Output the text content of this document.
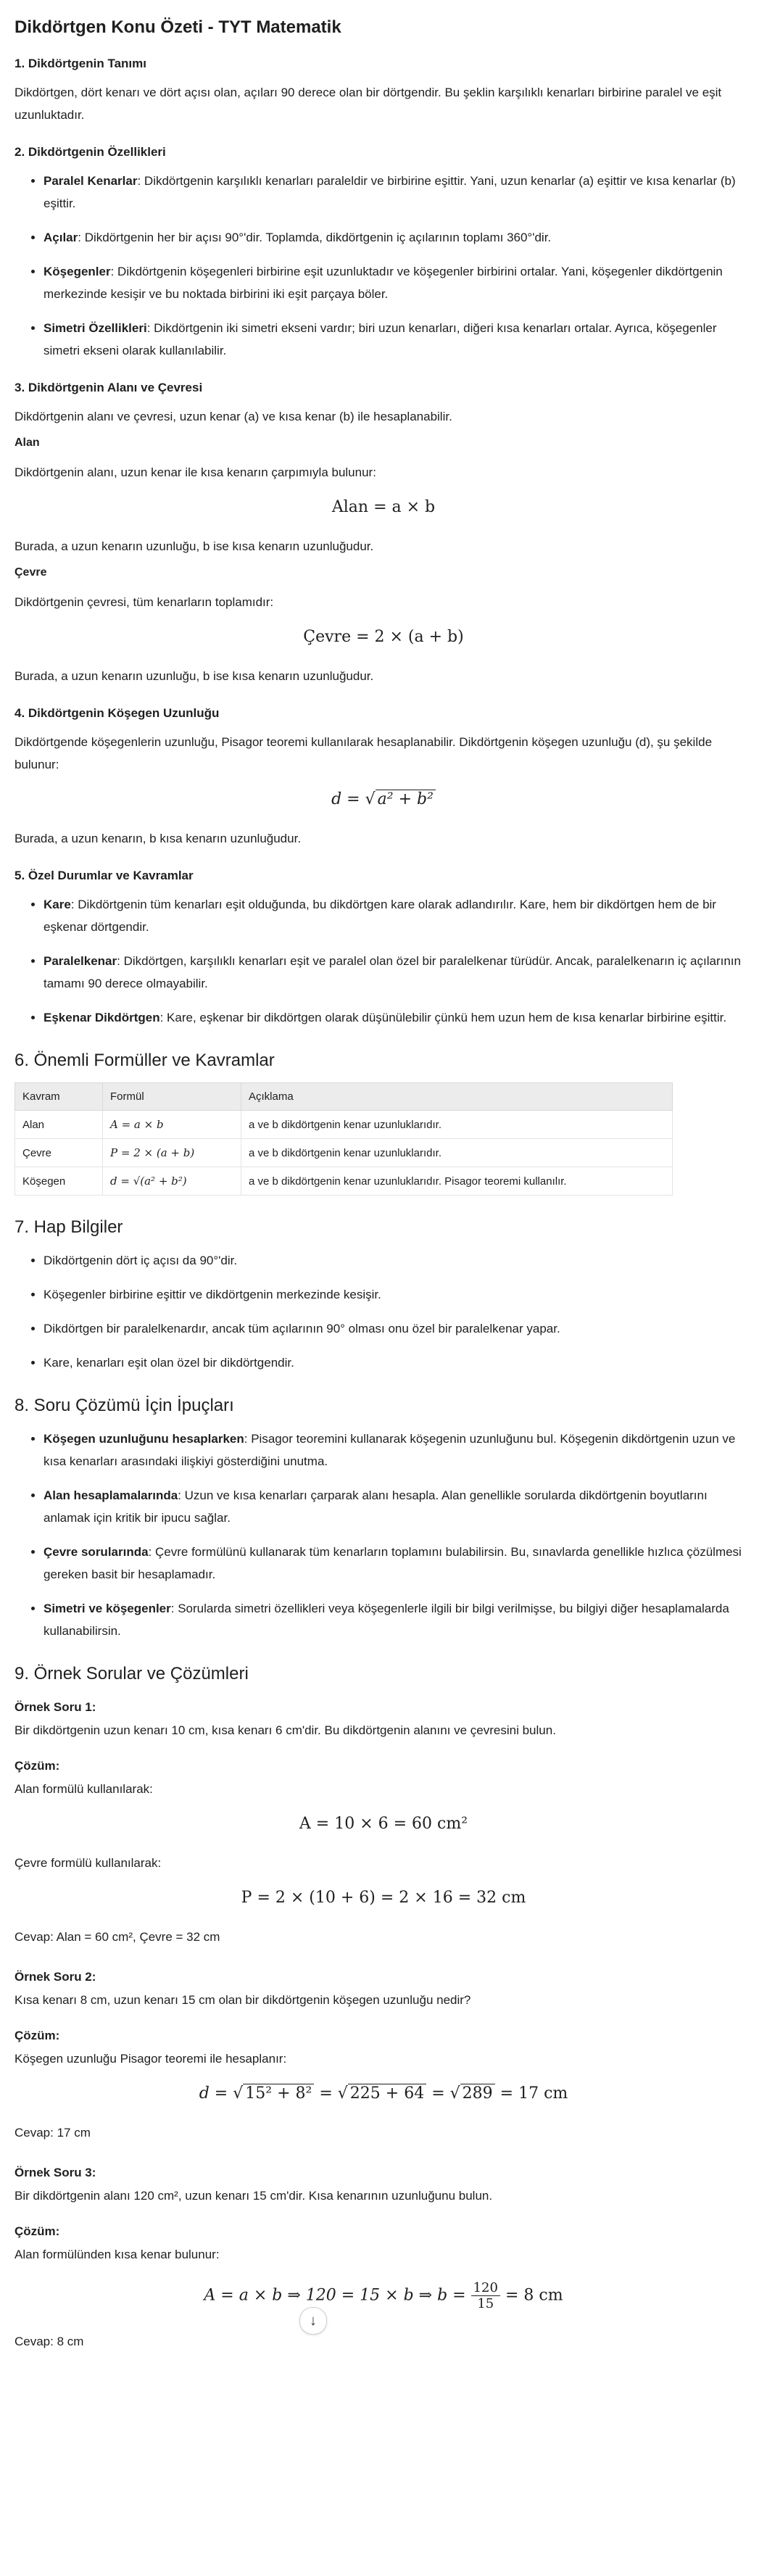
Dikdörtgen Konu Özeti - TYT Matematik
1. Dikdörtgenin Tanımı

Dikdörtgen, dört kenarı ve dört açısı olan, açıları 90 derece olan bir dörtgendir. Bu şeklin karşılıklı kenarları birbirine paralel ve eşit uzunluktadır.

2. Dikdörtgenin Özellikleri
• Paralel Kenarlar: Dikdörtgenin karşılıklı kenarları paraleldir ve birbirine eşittir. Yani, uzun kenarlar (a) eşittir ve kısa kenarlar (b) eşittir.
• Açılar: Dikdörtgenin her bir açısı 90°'dir. Toplamda, dikdörtgenin iç açılarının toplamı 360°'dir.
• Köşegenler: Dikdörtgenin köşegenleri birbirine eşit uzunluktadır ve köşegenler birbirini ortalar. Yani, köşegenler dikdörtgenin merkezinde kesişir ve bu noktada birbirini iki eşit parçaya böler.
• Simetri Özellikleri: Dikdörtgenin iki simetri ekseni vardır; biri uzun kenarları, diğeri kısa kenarları ortalar. Ayrıca, köşegenler simetri ekseni olarak kullanılabilir.
3. Dikdörtgenin Alanı ve Çevresi

Dikdörtgenin alanı ve çevresi, uzun kenar (a) ve kısa kenar (b) ile hesaplanabilir.

Alan

Dikdörtgenin alanı, uzun kenar ile kısa kenarın çarpımıyla bulunur:

Alan = a × b

Burada, a uzun kenarın uzunluğu, b ise kısa kenarın uzunluğudur.

Çevre

Dikdörtgenin çevresi, tüm kenarların toplamıdır:

Çevre = 2 × (a + b)

Burada, a uzun kenarın uzunluğu, b ise kısa kenarın uzunluğudur.

4. Dikdörtgenin Köşegen Uzunluğu

Dikdörtgende köşegenlerin uzunluğu, Pisagor teoremi kullanılarak hesaplanabilir. Dikdörtgenin köşegen uzunluğu (d), şu şekilde bulunur:

d = √ a² + b²

Burada, a uzun kenarın, b kısa kenarın uzunluğudur.

5. Özel Durumlar ve Kavramlar
• Kare: Dikdörtgenin tüm kenarları eşit olduğunda, bu dikdörtgen kare olarak adlandırılır. Kare, hem bir dikdörtgen hem de bir eşkenar dörtgendir.
• Paralelkenar: Dikdörtgen, karşılıklı kenarları eşit ve paralel olan özel bir paralelkenar türüdür. Ancak, paralelkenarın iç açılarının tamamı 90 derece olmayabilir.
• Eşkenar Dikdörtgen: Kare, eşkenar bir dikdörtgen olarak düşünülebilir çünkü hem uzun hem de kısa kenarlar birbirine eşittir.
6. Önemli Formüller ve Kavramlar
Kavram	Formül	Açıklama
Alan	A = a × b	a ve b dikdörtgenin kenar uzunluklarıdır.
Çevre	P = 2 × (a + b)	a ve b dikdörtgenin kenar uzunluklarıdır.
Köşegen	d = √(a² + b²)	a ve b dikdörtgenin kenar uzunluklarıdır. Pisagor teoremi kullanılır.
7. Hap Bilgiler
• Dikdörtgenin dört iç açısı da 90°'dir.
• Köşegenler birbirine eşittir ve dikdörtgenin merkezinde kesişir.
• Dikdörtgen bir paralelkenardır, ancak tüm açılarının 90° olması onu özel bir paralelkenar yapar.
• Kare, kenarları eşit olan özel bir dikdörtgendir.
8. Soru Çözümü İçin İpuçları
• Köşegen uzunluğunu hesaplarken: Pisagor teoremini kullanarak köşegenin uzunluğunu bul. Köşegenin dikdörtgenin uzun ve kısa kenarları arasındaki ilişkiyi gösterdiğini unutma.
• Alan hesaplamalarında: Uzun ve kısa kenarları çarparak alanı hesapla. Alan genellikle sorularda dikdörtgenin boyutlarını anlamak için kritik bir ipucu sağlar.
• Çevre sorularında: Çevre formülünü kullanarak tüm kenarların toplamını bulabilirsin. Bu, sınavlarda genellikle hızlıca çözülmesi gereken basit bir hesaplamadır.
• Simetri ve köşegenler: Sorularda simetri özellikleri veya köşegenlerle ilgili bir bilgi verilmişse, bu bilgiyi diğer hesaplamalarda kullanabilirsin.
9. Örnek Sorular ve Çözümleri
Örnek Soru 1:

Bir dikdörtgenin uzun kenarı 10 cm, kısa kenarı 6 cm'dir. Bu dikdörtgenin alanını ve çevresini bulun.

Çözüm:

Alan formülü kullanılarak:

A = 10 × 6 = 60 cm²

Çevre formülü kullanılarak:

P = 2 × (10 + 6) = 2 × 16 = 32 cm

Cevap: Alan = 60 cm², Çevre = 32 cm

Örnek Soru 2:

Kısa kenarı 8 cm, uzun kenarı 15 cm olan bir dikdörtgenin köşegen uzunluğu nedir?

Çözüm:

Köşegen uzunluğu Pisagor teoremi ile hesaplanır:

d = √ 15² + 8² = √ 225 + 64 = √ 289 = 17 cm

Cevap: 17 cm

Örnek Soru 3:

Bir dikdörtgenin alanı 120 cm², uzun kenarı 15 cm'dir. Kısa kenarının uzunluğunu bulun.

Çözüm:

Alan formülünden kısa kenar bulunur:

A = a × b ⇒ 120 = 15 × b ⇒ $b = \frac{120}{15} = 8$ cm

Cevap: 8 cm

↓
